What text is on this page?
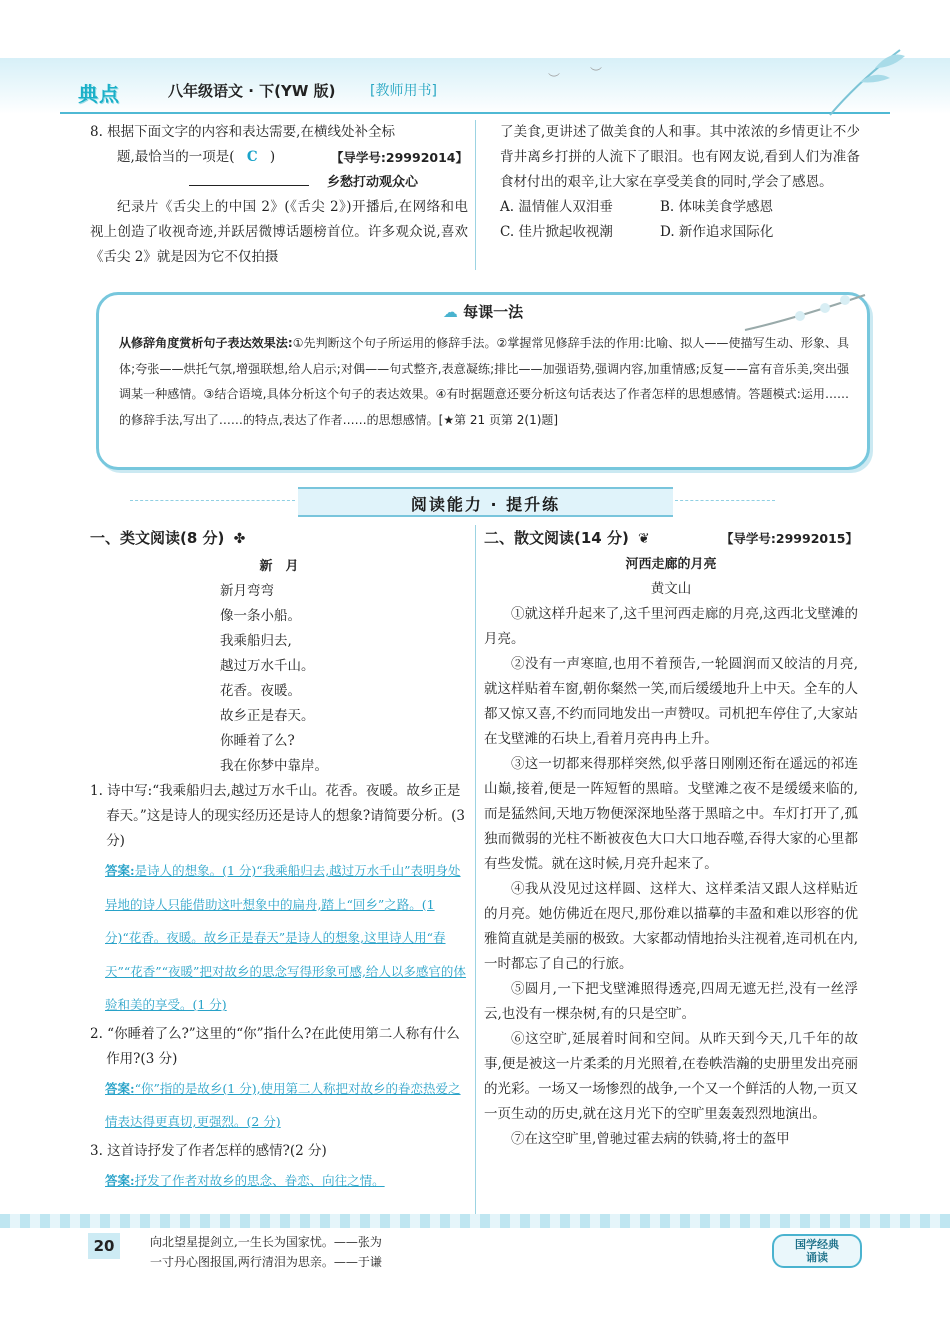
典点	八年级语文 · 下(YW 版) [教师用书]
︶ ︶

8. 根据下面文字的内容和表达需要,在横线处补全标

题,最恰当的一项是( C )	【导学号:29992014】

乡愁打动观众心

纪录片《舌尖上的中国 2》(《舌尖 2》)开播后,在网络和电视上创造了收视奇迹,并跃居微博话题榜首位。许多观众说,喜欢《舌尖 2》就是因为它不仅拍摄

了美食,更讲述了做美食的人和事。其中浓浓的乡情更让不少背井离乡打拼的人流下了眼泪。也有网友说,看到人们为准备食材付出的艰辛,让大家在享受美食的同时,学会了感恩。

A. 温情催人双泪垂	B. 体味美食学感恩
C. 佳片掀起收视潮	D. 新作追求国际化
☁ 每课一法
从修辞角度赏析句子表达效果法:①先判断这个句子所运用的修辞手法。②掌握常见修辞手法的作用:比喻、拟人——使描写生动、形象、具体;夸张——烘托气氛,增强联想,给人启示;对偶——句式整齐,表意凝练;排比——加强语势,强调内容,加重情感;反复——富有音乐美,突出强调某一种感情。③结合语境,具体分析这个句子的表达效果。④有时据题意还要分析这句话表达了作者怎样的思想感情。答题模式:运用……的修辞手法,写出了……的特点,表达了作者……的思想感情。[★第 21 页第 2(1)题]
阅读能力 · 提升练
一、类文阅读(8 分) ✤
新　月
新月弯弯
像一条小船。
我乘船归去,
越过万水千山。
花香。夜暖。
故乡正是春天。
你睡着了么?
我在你梦中靠岸。

1. 诗中写:“我乘船归去,越过万水千山。花香。夜暖。故乡正是春天。”这是诗人的现实经历还是诗人的想象?请简要分析。(3 分)

答案:是诗人的想象。(1 分)“我乘船归去,越过万水千山”表明身处异地的诗人只能借助这叶想象中的扁舟,踏上“回乡”之路。(1 分)“花香。夜暖。故乡正是春天”是诗人的想象,这里诗人用“春天”“花香”“夜暖”把对故乡的思念写得形象可感,给人以多感官的体验和美的享受。(1 分)

2. “你睡着了么?”这里的“你”指什么?在此使用第二人称有什么作用?(3 分)

答案:“你”指的是故乡(1 分),使用第二人称把对故乡的眷恋热爱之情表达得更真切,更强烈。(2 分)

3. 这首诗抒发了作者怎样的感情?(2 分)

答案:抒发了作者对故乡的思念、眷恋、向往之情。

二、散文阅读(14 分) ❦	【导学号:29992015】
河西走廊的月亮
黄文山

①就这样升起来了,这千里河西走廊的月亮,这西北戈壁滩的月亮。

②没有一声寒暄,也用不着预告,一轮圆润而又皎洁的月亮,就这样贴着车窗,朝你粲然一笑,而后缓缓地升上中天。全车的人都又惊又喜,不约而同地发出一声赞叹。司机把车停住了,大家站在戈壁滩的石块上,看着月亮冉冉上升。

③这一切都来得那样突然,似乎落日刚刚还衔在遥远的祁连山巅,接着,便是一阵短暂的黑暗。戈壁滩之夜不是缓缓来临的,而是猛然间,天地万物便深深地坠落于黑暗之中。车灯打开了,孤独而微弱的光柱不断被夜色大口大口地吞噬,吞得大家的心里都有些发慌。就在这时候,月亮升起来了。

④我从没见过这样圆、这样大、这样柔洁又跟人这样贴近的月亮。她仿佛近在咫尺,那份难以描摹的丰盈和难以形容的优雅简直就是美丽的极致。大家都动情地抬头注视着,连司机在内,一时都忘了自己的行旅。

⑤圆月,一下把戈壁滩照得透亮,四周无遮无拦,没有一丝浮云,也没有一棵杂树,有的只是空旷。

⑥这空旷,延展着时间和空间。从昨天到今天,几千年的故事,便是被这一片柔柔的月光照着,在卷帙浩瀚的史册里发出亮丽的光彩。一场又一场惨烈的战争,一个又一个鲜活的人物,一页又一页生动的历史,就在这月光下的空旷里轰轰烈烈地演出。

⑦在这空旷里,曾驰过霍去病的铁骑,将士的盔甲

20	向北望星提剑立,一生长为国家忧。——张为
一寸丹心图报国,两行清泪为思亲。——于谦
国学经典
诵读
